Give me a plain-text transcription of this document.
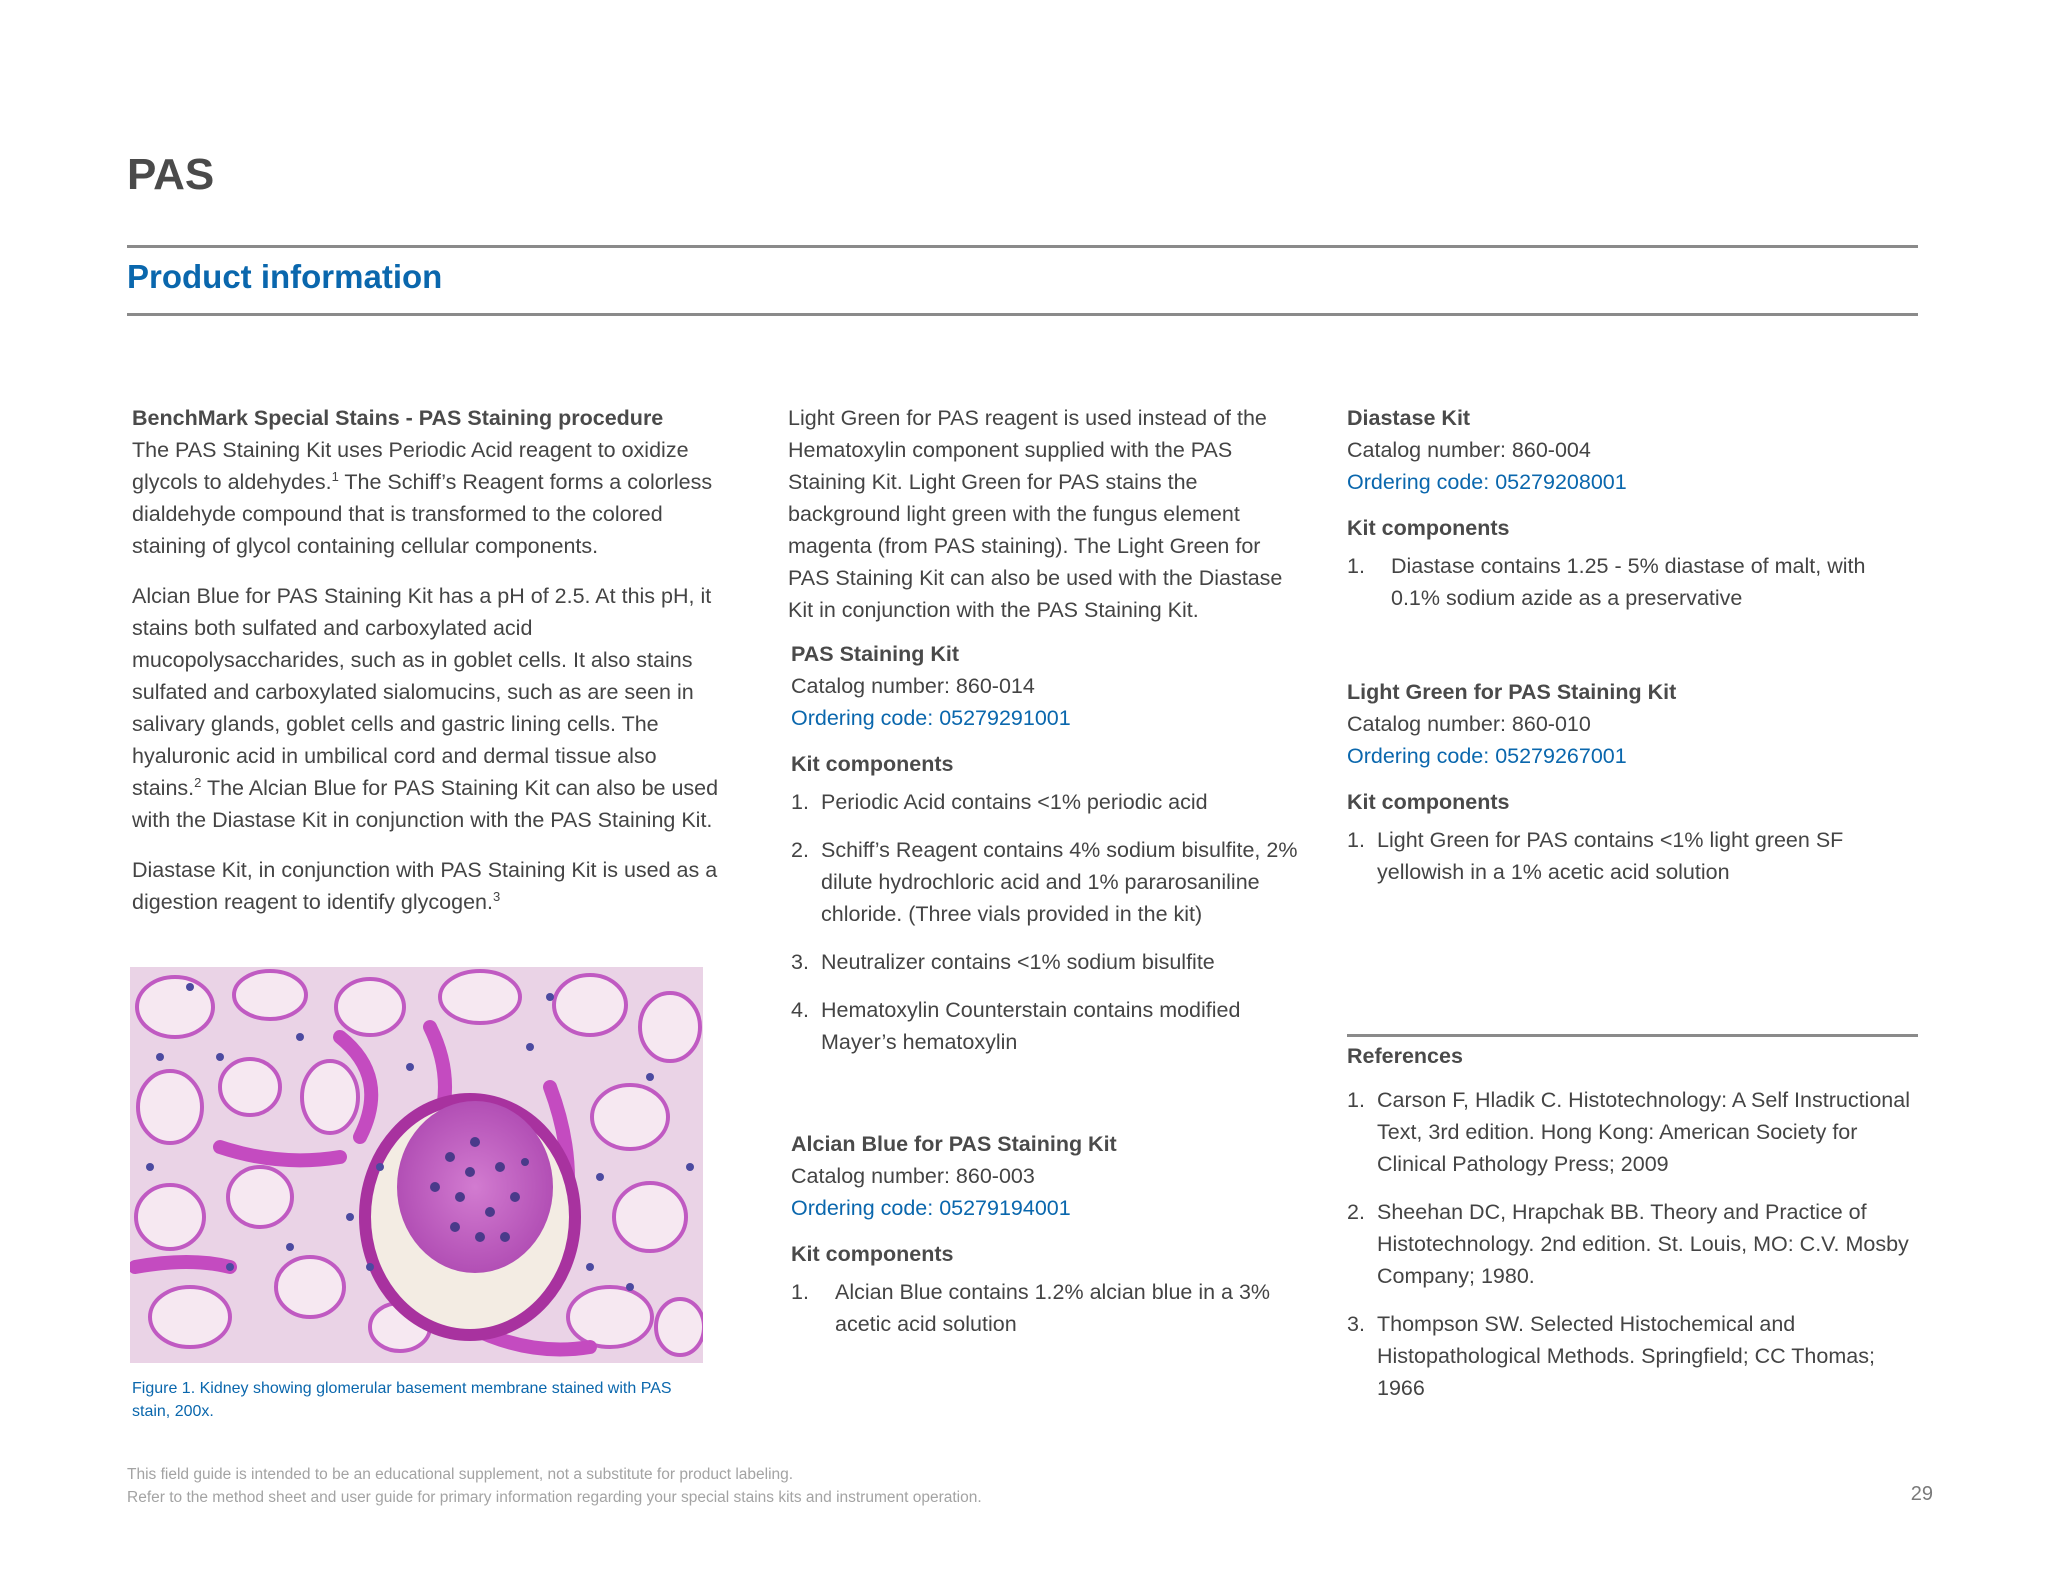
PAS
Product information
BenchMark Special Stains - PAS Staining procedure

The PAS Staining Kit uses Periodic Acid reagent to oxidize glycols to aldehydes.$^1$ The Schiff’s Reagent forms a colorless dialdehyde compound that is transformed to the colored staining of glycol containing cellular components.

Alcian Blue for PAS Staining Kit has a pH of 2.5. At this pH, it stains both sulfated and carboxylated acid mucopolysaccharides, such as in goblet cells. It also stains sulfated and carboxylated sialomucins, such as are seen in salivary glands, goblet cells and gastric lining cells. The hyaluronic acid in umbilical cord and dermal tissue also stains.$^2$ The Alcian Blue for PAS Staining Kit can also be used with the Diastase Kit in conjunction with the PAS Staining Kit.

Diastase Kit, in conjunction with PAS Staining Kit is used as a digestion reagent to identify glycogen.$^3$

Figure 1. Kidney showing glomerular basement membrane stained with PAS stain, 200x.

Light Green for PAS reagent is used instead of the Hematoxylin component supplied with the PAS Staining Kit. Light Green for PAS stains the background light green with the fungus element magenta (from PAS staining). The Light Green for PAS Staining Kit can also be used with the Diastase Kit in conjunction with the PAS Staining Kit.

PAS Staining Kit
Catalog number: 860-014
Ordering code: 05279291001
Kit components
1. Periodic Acid contains <1% periodic acid
2. Schiff’s Reagent contains 4% sodium bisulfite, 2% dilute hydrochloric acid and 1% pararosaniline chloride. (Three vials provided in the kit)
3. Neutralizer contains <1% sodium bisulfite
4. Hematoxylin Counterstain contains modified Mayer’s hematoxylin
Alcian Blue for PAS Staining Kit
Catalog number: 860-003
Ordering code: 05279194001
Kit components
1. Alcian Blue contains 1.2% alcian blue in a 3% acetic acid solution
Diastase Kit
Catalog number: 860-004
Ordering code: 05279208001
Kit components
1. Diastase contains 1.25 - 5% diastase of malt, with 0.1% sodium azide as a preservative
Light Green for PAS Staining Kit
Catalog number: 860-010
Ordering code: 05279267001
Kit components
1. Light Green for PAS contains <1% light green SF yellowish in a 1% acetic acid solution
References
1. Carson F, Hladik C. Histotechnology: A Self Instructional Text, 3rd edition. Hong Kong: American Society for Clinical Pathology Press; 2009
2. Sheehan DC, Hrapchak BB. Theory and Practice of Histotechnology. 2nd edition. St. Louis, MO: C.V. Mosby Company; 1980.
3. Thompson SW. Selected Histochemical and Histopathological Methods. Springfield; CC Thomas; 1966
This field guide is intended to be an educational supplement, not a substitute for product labeling.
Refer to the method sheet and user guide for primary information regarding your special stains kits and instrument operation.	29
